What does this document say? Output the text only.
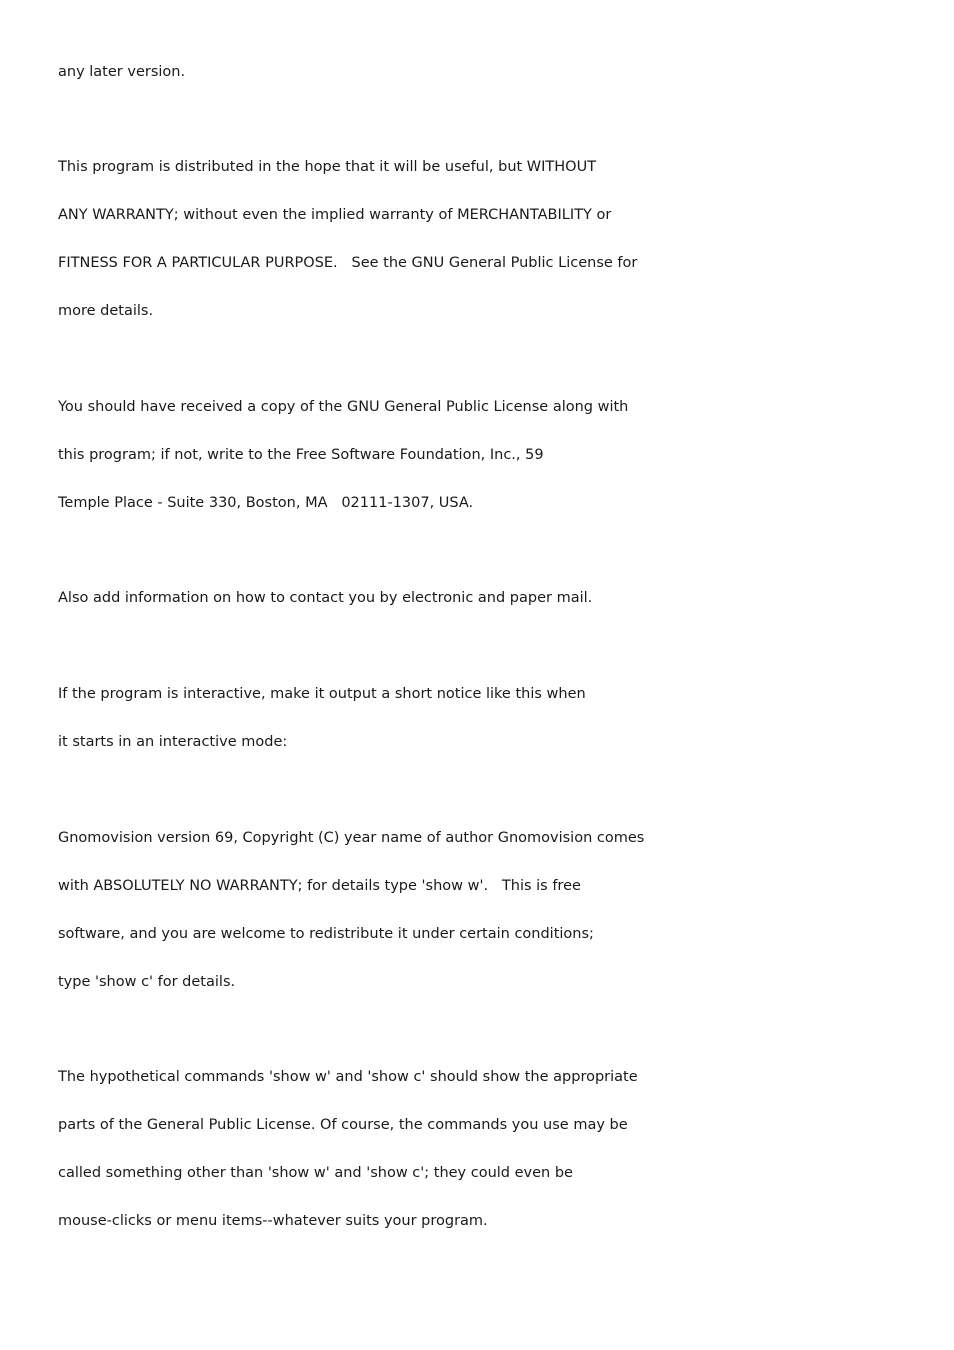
any later version.
This program is distributed in the hope that it will be useful, but WITHOUT
ANY WARRANTY; without even the implied warranty of MERCHANTABILITY or
FITNESS FOR A PARTICULAR PURPOSE.   See the GNU General Public License for
more details.
You should have received a copy of the GNU General Public License along with
this program; if not, write to the Free Software Foundation, Inc., 59
Temple Place - Suite 330, Boston, MA   02111-1307, USA.
Also add information on how to contact you by electronic and paper mail.
If the program is interactive, make it output a short notice like this when
it starts in an interactive mode:
Gnomovision version 69, Copyright (C) year name of author Gnomovision comes
with ABSOLUTELY NO WARRANTY; for details type 'show w'.   This is free
software, and you are welcome to redistribute it under certain conditions;
type 'show c' for details.
The hypothetical commands 'show w' and 'show c' should show the appropriate
parts of the General Public License. Of course, the commands you use may be
called something other than 'show w' and 'show c'; they could even be
mouse-clicks or menu items--whatever suits your program.
